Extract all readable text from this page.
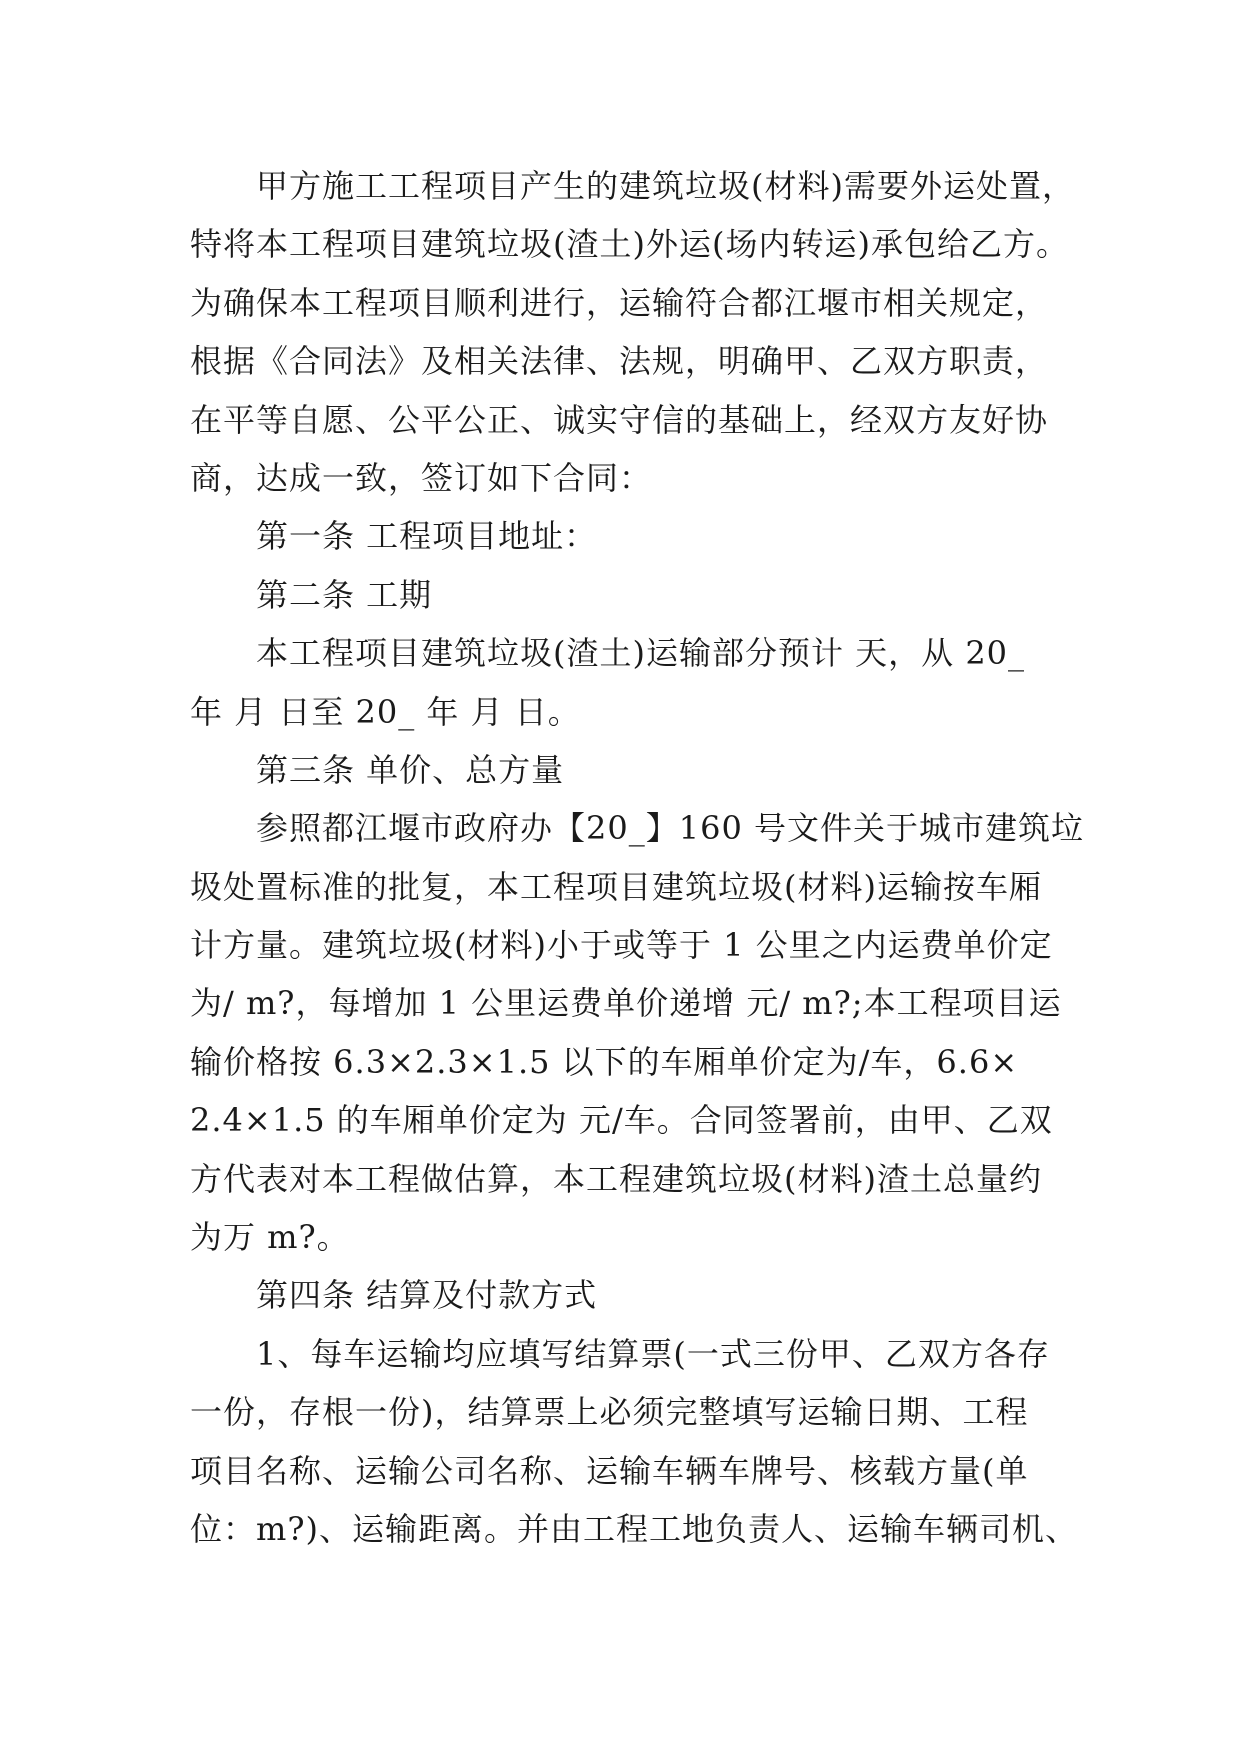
甲方施工工程项目产生的建筑垃圾(材料)需要外运处置，
特将本工程项目建筑垃圾(渣土)外运(场内转运)承包给乙方。
为确保本工程项目顺利进行，运输符合都江堰市相关规定，
根据《合同法》及相关法律、法规，明确甲、乙双方职责，
在平等自愿、公平公正、诚实守信的基础上，经双方友好协
商，达成一致，签订如下合同：
第一条 工程项目地址：
第二条 工期
本工程项目建筑垃圾(渣土)运输部分预计 天，从 20_
年 月 日至 20_ 年 月 日。
第三条 单价、总方量
参照都江堰市政府办【20_】160 号文件关于城市建筑垃
圾处置标准的批复，本工程项目建筑垃圾(材料)运输按车厢
计方量。建筑垃圾(材料)小于或等于 1 公里之内运费单价定
为/ m?，每增加 1 公里运费单价递增 元/ m?;本工程项目运
输价格按 6.3×2.3×1.5 以下的车厢单价定为/车，6.6×
2.4×1.5 的车厢单价定为 元/车。合同签署前，由甲、乙双
方代表对本工程做估算，本工程建筑垃圾(材料)渣土总量约
为万 m?。
第四条 结算及付款方式
1、每车运输均应填写结算票(一式三份甲、乙双方各存
一份，存根一份)，结算票上必须完整填写运输日期、工程
项目名称、运输公司名称、运输车辆车牌号、核载方量(单
位：m?)、运输距离。并由工程工地负责人、运输车辆司机、
